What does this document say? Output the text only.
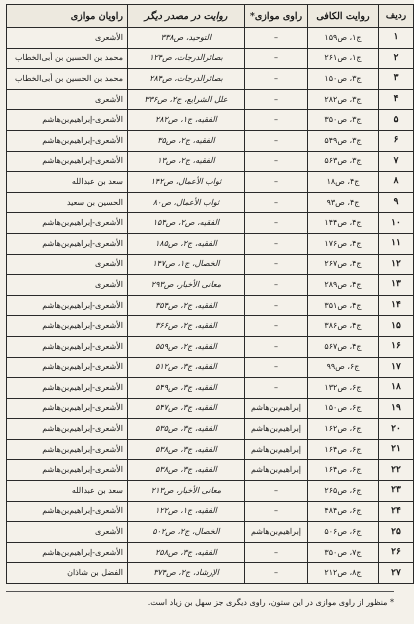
ردیف	روایت الکافی	راوی موازی*	روایت در مصدر دیگر	راویان موازی
۱	ج۱، ص۱۵۹	–	التوحید، ص۳۳۸	الأشعری
۲	ج۱، ص۲۶۱	–	بصائرالدرجات، ص۱۲۴	محمد بن الحسین بن أبی‌الخطاب
۳	ج۳، ص۱۵۰	–	بصائرالدرجات، ص۲۸۴	محمد بن الحسین بن أبی‌الخطاب
۴	ج۳، ص۲۸۲	–	علل الشرایع، ج۲، ص۳۳۶	الأشعری
۵	ج۳، ص۳۵۰	–	الفقیه، ج۱، ص۲۸۲	الأشعری-إبراهیم‌بن‌هاشم
۶	ج۳، ص۵۴۹	–	الفقیه، ج۲، ص۳۵	الأشعری-إبراهیم‌بن‌هاشم
۷	ج۳، ص۵۶۳	–	الفقیه، ج۲، ص۱۳	الأشعری-إبراهیم‌بن‌هاشم
۸	ج۴، ص۱۸	–	ثواب الأعمال، ص۱۴۲	سعد بن عبدالله
۹	ج۴، ص۹۳	–	ثواب الأعمال، ص۸۰	الحسین بن سعید
۱۰	ج۴، ص۱۴۴	–	الفقیه، ص۲، ص۱۵۴	الأشعری-إبراهیم‌بن‌هاشم
۱۱	ج۴، ص۱۷۶	–	الفقیه، ج۲، ص۱۸۵	الأشعری-إبراهیم‌بن‌هاشم
۱۲	ج۴، ص۲۶۷	–	الخصال، ج۱، ص۱۴۷	الأشعری
۱۳	ج۴، ص۲۸۹	–	معانی الأخبار، ص۲۹۳	الأشعری
۱۴	ج۴، ص۳۵۱	–	الفقیه، ج۲، ص۳۵۴	الأشعری-إبراهیم‌بن‌هاشم
۱۵	ج۴، ص۳۸۶	–	الفقیه، ج۲، ص۳۶۶	الأشعری-إبراهیم‌بن‌هاشم
۱۶	ج۴، ص۵۶۷	–	الفقیه، ج۲، ص۵۵۹	الأشعری-إبراهیم‌بن‌هاشم
۱۷	ج۶، ص۹۹	–	الفقیه، ج۳، ص۵۱۲	الأشعری-إبراهیم‌بن‌هاشم
۱۸	ج۶، ص۱۳۲	–	الفقیه، ج۳، ص۵۴۹	الأشعری-إبراهیم‌بن‌هاشم
۱۹	ج۶، ص۱۵۰	إبراهیم‌بن‌هاشم	الفقیه، ج۳، ص۵۴۷	الأشعری-إبراهیم‌بن‌هاشم
۲۰	ج۶، ص۱۶۲	إبراهیم‌بن‌هاشم	الفقیه، ج۳، ص۵۳۵	الأشعری-إبراهیم‌بن‌هاشم
۲۱	ج۶، ص۱۶۴	إبراهیم‌بن‌هاشم	الفقیه، ج۳، ص۵۳۸	الأشعری-إبراهیم‌بن‌هاشم
۲۲	ج۶، ص۱۶۴	إبراهیم‌بن‌هاشم	الفقیه، ج۳، ص۵۳۸	الأشعری-إبراهیم‌بن‌هاشم
۲۳	ج۶، ص۲۶۵	–	معانی الأخبار، ص۲۱۳	سعد بن عبدالله
۲۴	ج۶، ص۴۸۴	–	الفقیه، ج۱، ص۱۲۲	الأشعری-إبراهیم‌بن‌هاشم
۲۵	ج۶، ص۵۰۶	إبراهیم‌بن‌هاشم	الخصال، ج۲، ص۵۰۲	الأشعری
۲۶	ج۷، ص۳۵۰	–	الفقیه، ج۳، ص۲۵۸	الأشعری-إبراهیم‌بن‌هاشم
۲۷	ج۸، ص۲۱۲	–	الإرشاد، ج۲، ص۳۷۴	الفضل بن شاذان
* منظور از راوی موازی در این ستون، راوی دیگری جز سهل بن زیاد است.
